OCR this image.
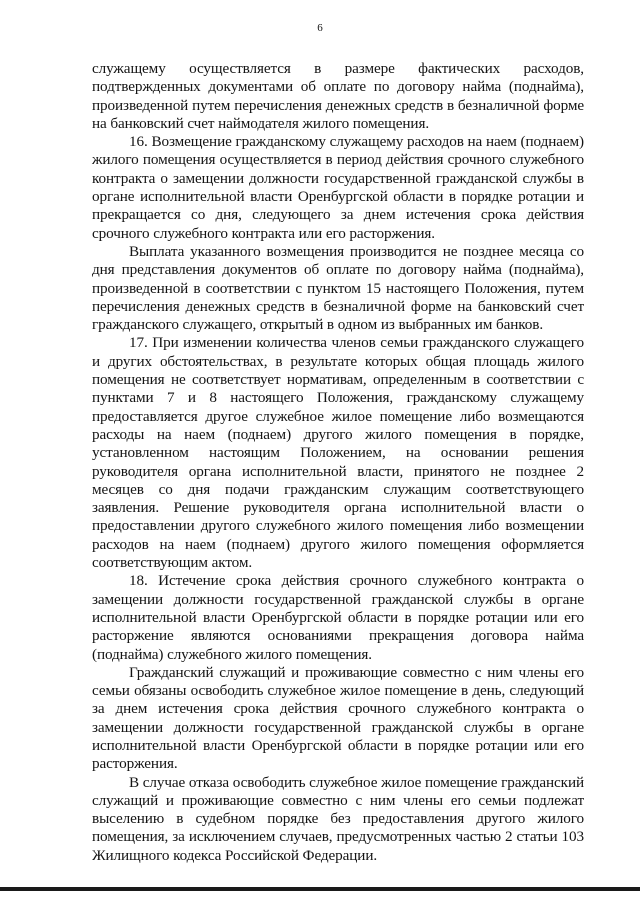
6

служащему осуществляется в размере фактических расходов, подтвержденных документами об оплате по договору найма (поднайма), произведенной путем перечисления денежных средств в безналичной форме на банковский счет наймодателя жилого помещения.

16. Возмещение гражданскому служащему расходов на наем (поднаем) жилого помещения осуществляется в период действия срочного служебного контракта о замещении должности государственной гражданской службы в органе исполнительной власти Оренбургской области в порядке ротации и прекращается со дня, следующего за днем истечения срока действия срочного служебного контракта или его расторжения.

Выплата указанного возмещения производится не позднее месяца со дня представления документов об оплате по договору найма (поднайма), произведенной в соответствии с пунктом 15 настоящего Положения, путем перечисления денежных средств в безналичной форме на банковский счет гражданского служащего, открытый в одном из выбранных им банков.

17. При изменении количества членов семьи гражданского служащего и других обстоятельствах, в результате которых общая площадь жилого помещения не соответствует нормативам, определенным в соответствии с пунктами 7 и 8 настоящего Положения, гражданскому служащему предоставляется другое служебное жилое помещение либо возмещаются расходы на наем (поднаем) другого жилого помещения в порядке, установленном настоящим Положением, на основании решения руководителя органа исполнительной власти, принятого не позднее 2 месяцев со дня подачи гражданским служащим соответствующего заявления. Решение руководителя органа исполнительной власти о предоставлении другого служебного жилого помещения либо возмещении расходов на наем (поднаем) другого жилого помещения оформляется соответствующим актом.

18. Истечение срока действия срочного служебного контракта о замещении должности государственной гражданской службы в органе исполнительной власти Оренбургской области в порядке ротации или его расторжение являются основаниями прекращения договора найма (поднайма) служебного жилого помещения.

Гражданский служащий и проживающие совместно с ним члены его семьи обязаны освободить служебное жилое помещение в день, следующий за днем истечения срока действия срочного служебного контракта о замещении должности государственной гражданской службы в органе исполнительной власти Оренбургской области в порядке ротации или его расторжения.

В случае отказа освободить служебное жилое помещение гражданский служащий и проживающие совместно с ним члены его семьи подлежат выселению в судебном порядке без предоставления другого жилого помещения, за исключением случаев, предусмотренных частью 2 статьи 103 Жилищного кодекса Российской Федерации.
